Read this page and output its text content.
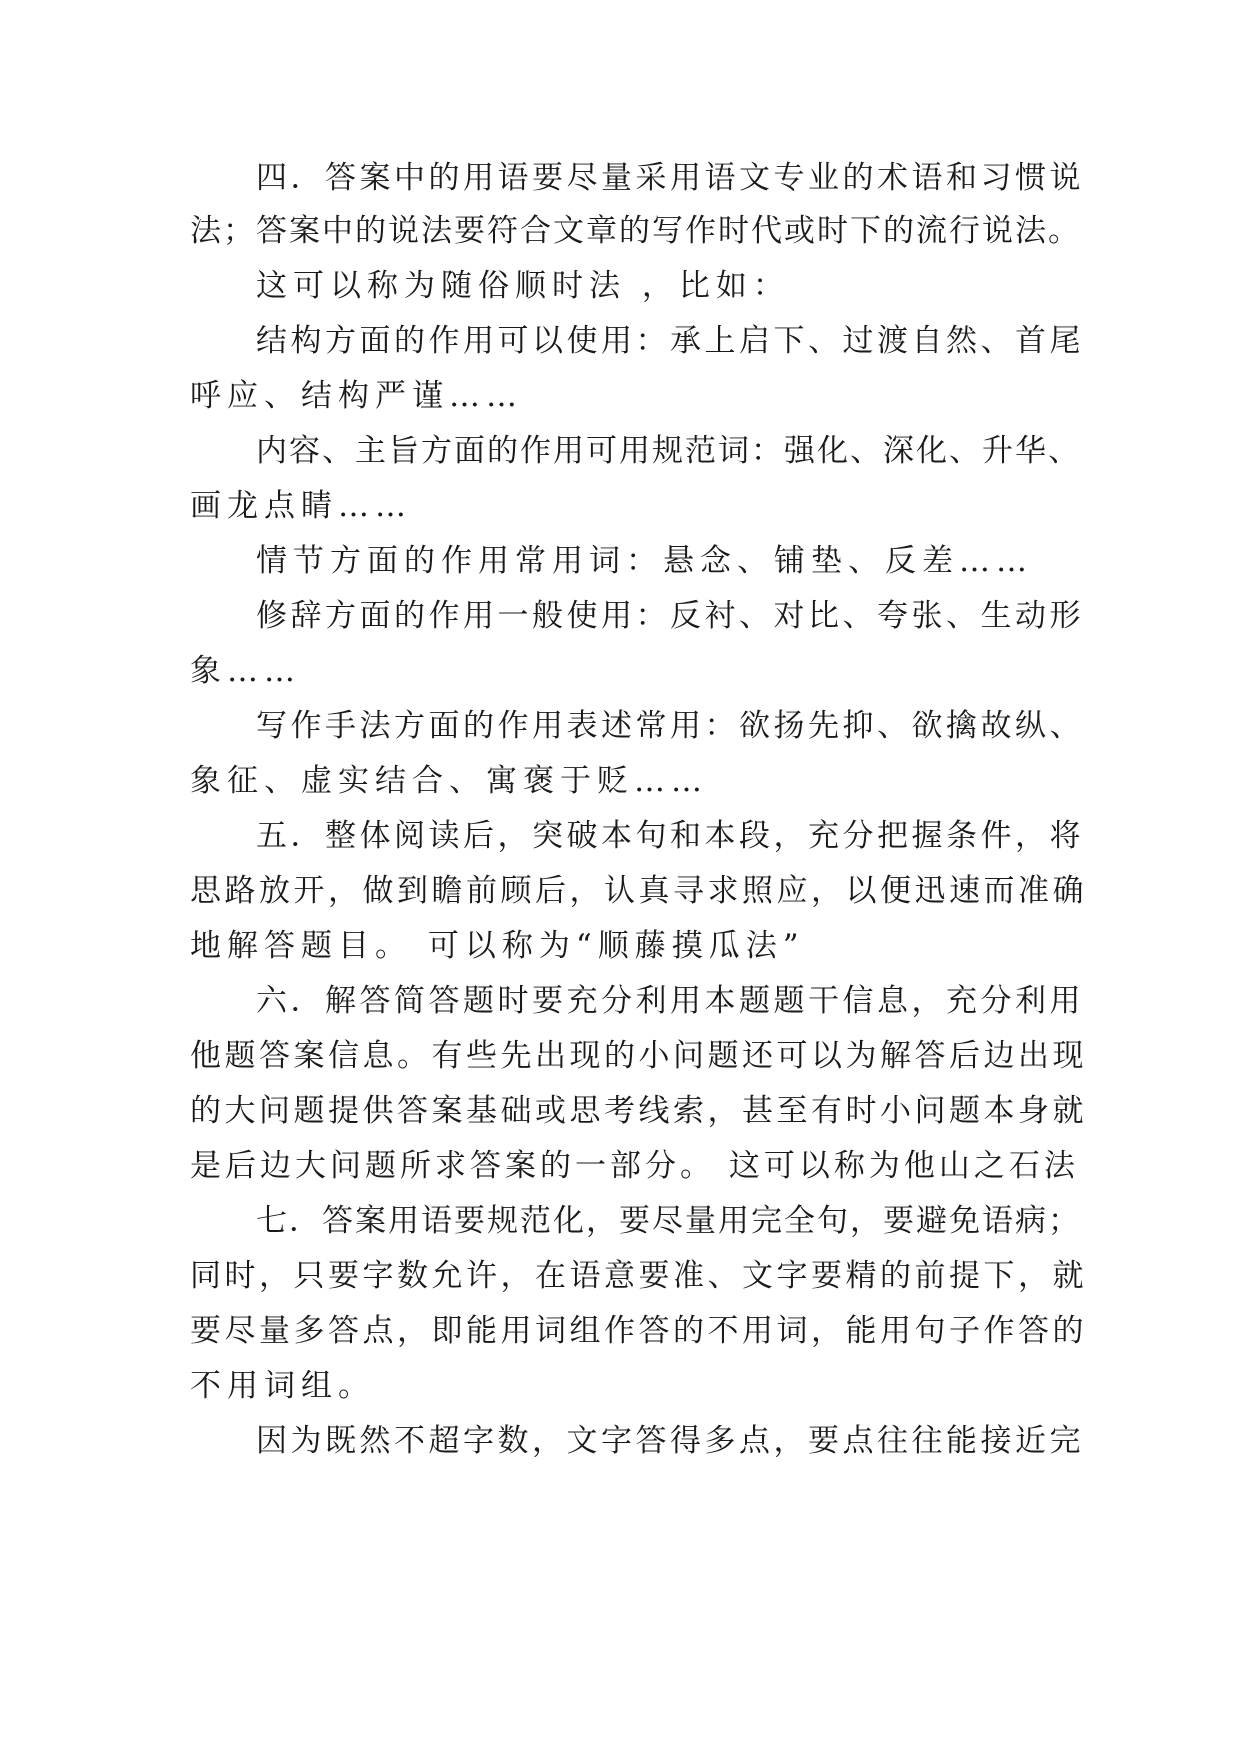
四．答案中的用语要尽量采用语文专业的术语和习惯说
法；答案中的说法要符合文章的写作时代或时下的流行说法。
这可以称为随俗顺时法 ，比如：
结构方面的作用可以使用：承上启下、过渡自然、首尾
呼应、结构严谨……
内容、主旨方面的作用可用规范词：强化、深化、升华、
画龙点睛……
情节方面的作用常用词：悬念、铺垫、反差……
修辞方面的作用一般使用：反衬、对比、夸张、生动形
象……
写作手法方面的作用表述常用：欲扬先抑、欲擒故纵、
象征、虚实结合、寓褒于贬……
五．整体阅读后，突破本句和本段，充分把握条件，将
思路放开，做到瞻前顾后，认真寻求照应，以便迅速而准确
地解答题目。 可以称为“顺藤摸瓜法”
六．解答简答题时要充分利用本题题干信息，充分利用
他题答案信息。有些先出现的小问题还可以为解答后边出现
的大问题提供答案基础或思考线索，甚至有时小问题本身就
是后边大问题所求答案的一部分。 这可以称为他山之石法
七．答案用语要规范化，要尽量用完全句，要避免语病；
同时，只要字数允许，在语意要准、文字要精的前提下，就
要尽量多答点，即能用词组作答的不用词，能用句子作答的
不用词组。
因为既然不超字数，文字答得多点，要点往往能接近完
